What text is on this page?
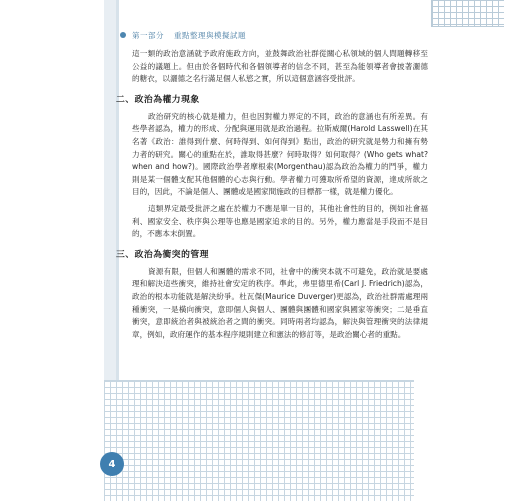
第一部分 重點整理與模擬試題

這一類的政治意涵就予政府施政方向，並鼓舞政治社群從關心私領域的個人問題轉移至公益的議題上。但由於各個時代和各個領導者的信念不同，甚至為能領導者會披著灑德的糖衣，以灑德之名行滿足個人私慾之實，所以這個意涵容受批評。

二、政治為權力現象

政治研究的核心就是權力，但也因對權力界定的不同，政治的意涵也有所差異。有些學者認為，權力的形成、分配與運用就是政治過程。拉斯威爾(Harold Lasswell)在其名著《政治：誰得到什麼、何時得到、如何得到》點出，政治的研究就是勢力和擁有勢力者的研究。關心的重點在於，誰取得甚麼？何時取得？如何取得？(Who gets what? when and how?)。國際政治學者摩根索(Morgenthau)認為政治為權力的鬥爭，權力則是某一個體支配其他個體的心志與行動。學者權力可獲取所希望的資源，達成所欲之目的，因此，不論是個人、團體或是國家間施政的目標都一樣，就是權力優化。

這類界定最受批評之處在於權力不應是單一目的，其他社會性的目的，例如社會福利、國家安全、秩序與公理等也應是國家追求的目的。另外，權力應當是手段而不是目的，不應本末倒置。

三、政治為衝突的管理

資源有限，但個人和團體的需求不同，社會中的衝突本就不可避免，政治就是要處理和解決這些衝突，維持社會安定的秩序。準此，弗里德里希(Carl J. Friedrich)認為，政治的根本功能就是解決紛爭。杜瓦傑(Maurice Duverger)更認為，政治社群需處理兩種衝突，一是橫向衝突，意即個人與個人、團體與團體和國家與國家等衝突；二是垂直衝突，意即統治者與被統治者之間的衝突。同時兩者均認為，解決與管理衝突的法律規章，例如，政府運作的基本程序規則建立和憲法的修訂等，是政治關心者的重點。

4
